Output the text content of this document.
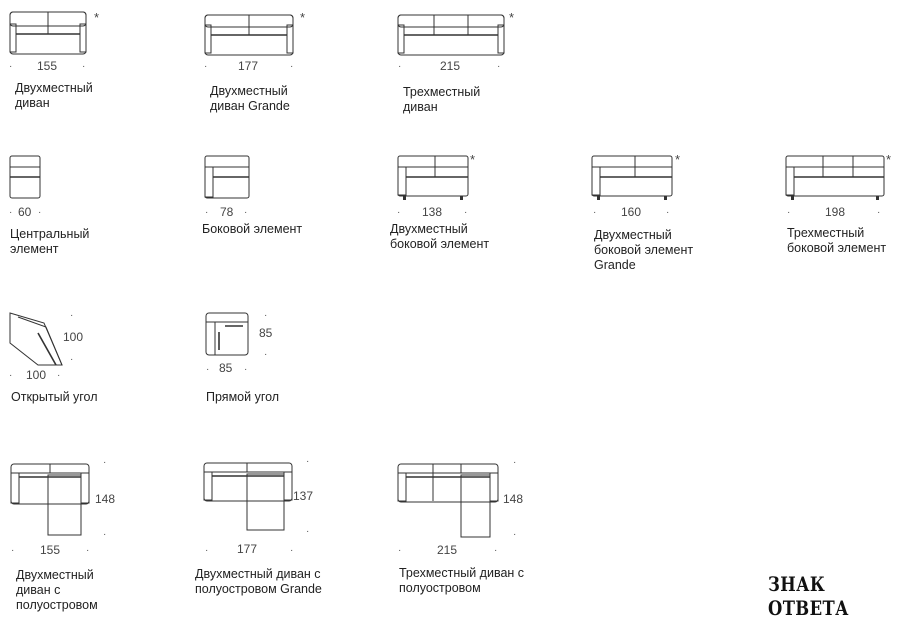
*
· 155 ·
Двухместный диван
*
·	177	·
Двухместный диван Grande
*
·	215	·
Трехместный диван
· 60 ·
Центральный элемент
· 78 ·
Боковой элемент
*
· 138 ·
Двухместный боковой элемент
*
· 160 ·
Двухместный боковой элемент Grande
*
·	198	·
Трехместный боковой элемент
·
100
·
· 100 ·
Открытый угол
·
85
·
· 85 ·
Прямой угол
·
148
·
· 155	·
Двухместный диван с полуостровом
·
137
·
· 177	·
Двухместный диван с полуостровом Grande
·
148
·
·	215	·
Трехместный диван с полуостровом	ЗНАК ОТВЕТА
